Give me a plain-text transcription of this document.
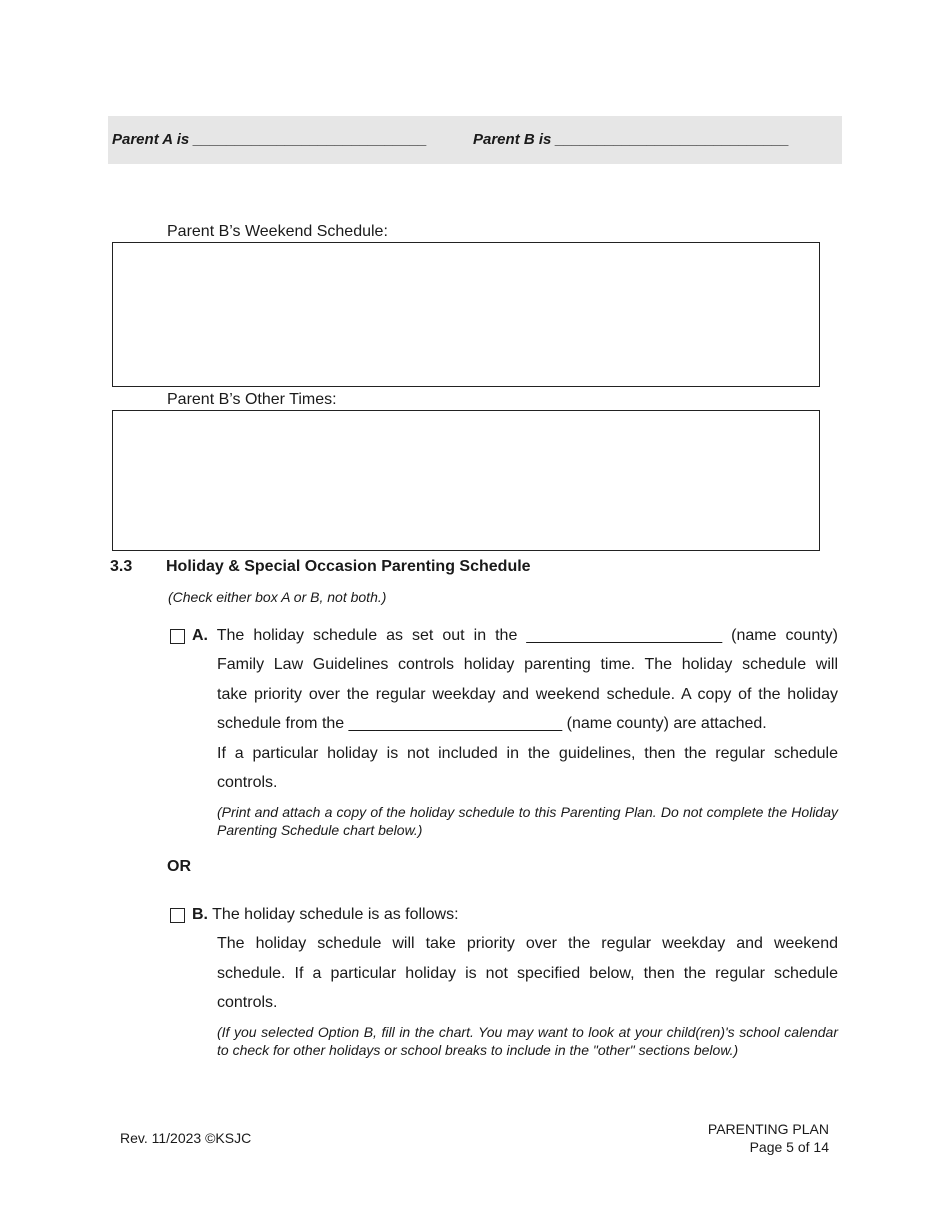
Parent A is ____________________________	Parent B is ____________________________
Parent B’s Weekend Schedule:
Parent B’s Other Times:
3.3 Holiday & Special Occasion Parenting Schedule
(Check either box A or B, not both.)
A. The holiday schedule as set out in the ______________________ (name county)
Family Law Guidelines controls holiday parenting time. The holiday schedule will
take priority over the regular weekday and weekend schedule. A copy of the holiday
schedule from the ________________________ (name county) are attached.
If a particular holiday is not included in the guidelines, then the regular schedule
controls.
(Print and attach a copy of the holiday schedule to this Parenting Plan. Do not complete the Holiday Parenting Schedule chart below.)
OR
B. The holiday schedule is as follows:
The holiday schedule will take priority over the regular weekday and weekend
schedule. If a particular holiday is not specified below, then the regular schedule
controls.
(If you selected Option B, fill in the chart. You may want to look at your child(ren)'s school calendar to check for other holidays or school breaks to include in the "other" sections below.)
Rev. 11/2023 ©KSJC
PARENTING PLAN
Page 5 of 14
